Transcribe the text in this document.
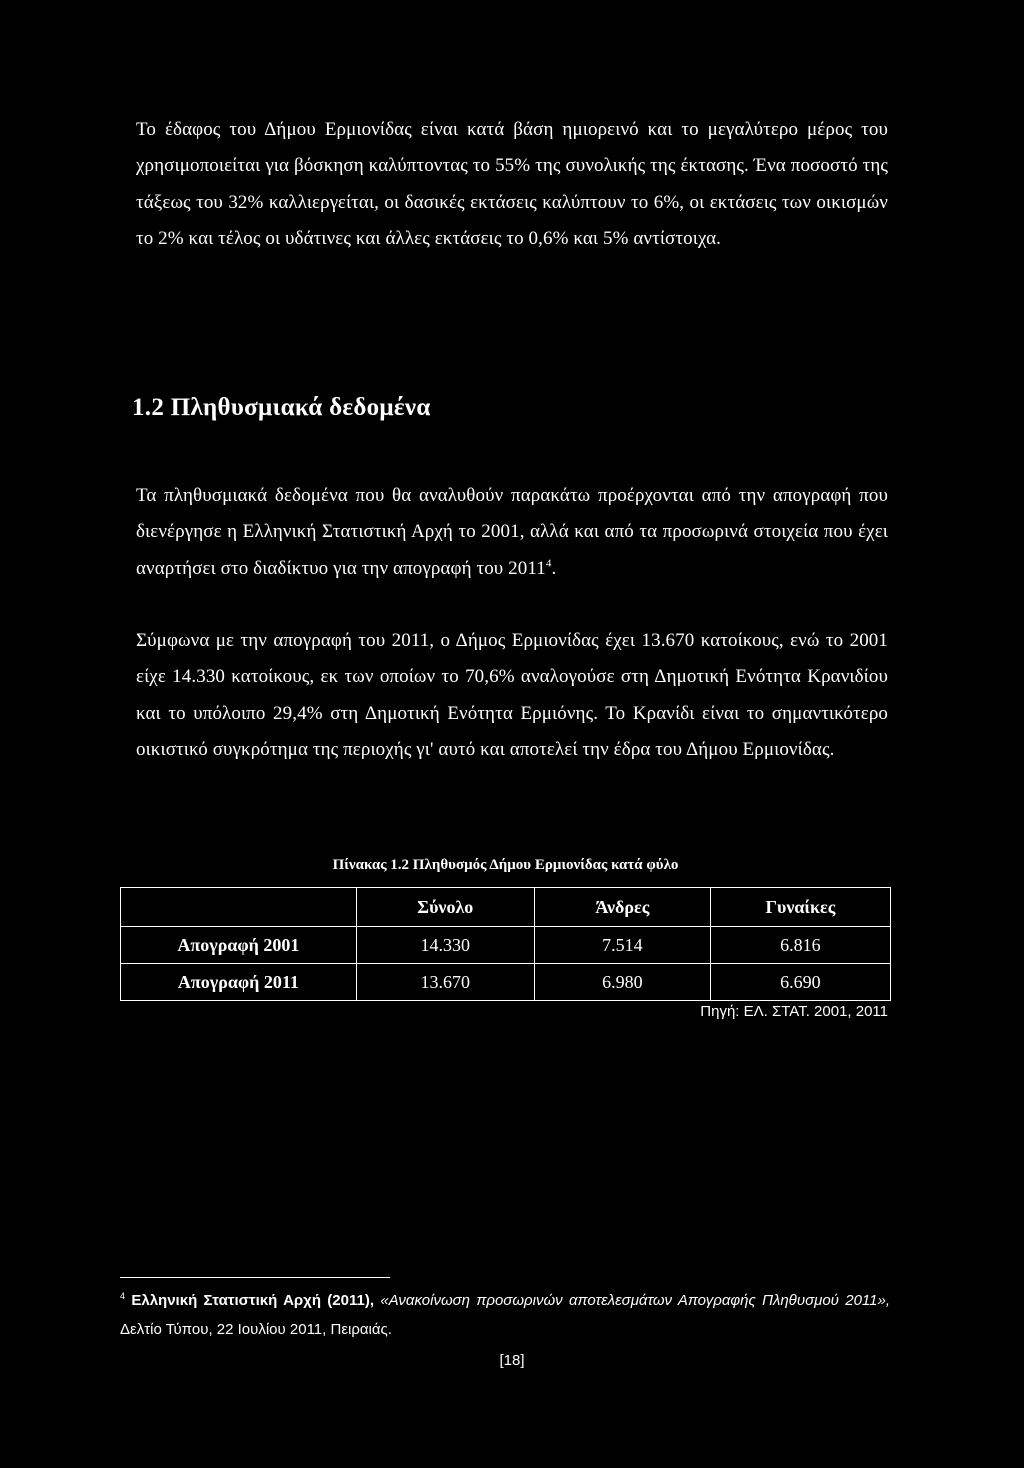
Το έδαφος του Δήμου Ερμιονίδας είναι κατά βάση ημιορεινό και το μεγαλύτερο μέρος του χρησιμοποιείται για βόσκηση καλύπτοντας το 55% της συνολικής της έκτασης. Ένα ποσοστό της τάξεως του 32% καλλιεργείται, οι δασικές εκτάσεις καλύπτουν το 6%, οι εκτάσεις των οικισμών το 2% και τέλος οι υδάτινες και άλλες εκτάσεις το 0,6% και 5% αντίστοιχα.

1.2 Πληθυσμιακά δεδομένα

Τα πληθυσμιακά δεδομένα που θα αναλυθούν παρακάτω προέρχονται από την απογραφή που διενέργησε η Ελληνική Στατιστική Αρχή το 2001, αλλά και από τα προσωρινά στοιχεία που έχει αναρτήσει στο διαδίκτυο για την απογραφή του 2011$^4$.

Σύμφωνα με την απογραφή του 2011, ο Δήμος Ερμιονίδας έχει 13.670 κατοίκους, ενώ το 2001 είχε 14.330 κατοίκους, εκ των οποίων το 70,6% αναλογούσε στη Δημοτική Ενότητα Κρανιδίου και το υπόλοιπο 29,4% στη Δημοτική Ενότητα Ερμιόνης. Το Κρανίδι είναι το σημαντικότερο οικιστικό συγκρότημα της περιοχής γι' αυτό και αποτελεί την έδρα του Δήμου Ερμιονίδας.

Πίνακας 1.2 Πληθυσμός Δήμου Ερμιονίδας κατά φύλο
	Σύνολο	Άνδρες	Γυναίκες
Απογραφή 2001	14.330	7.514	6.816
Απογραφή 2011	13.670	6.980	6.690
Πηγή: ΕΛ. ΣΤΑΤ. 2001, 2011
$^4$ Ελληνική Στατιστική Αρχή (2011), «Ανακοίνωση προσωρινών αποτελεσμάτων Απογραφής Πληθυσμού 2011», Δελτίο Τύπου, 22 Ιουλίου 2011, Πειραιάς.
[18]
